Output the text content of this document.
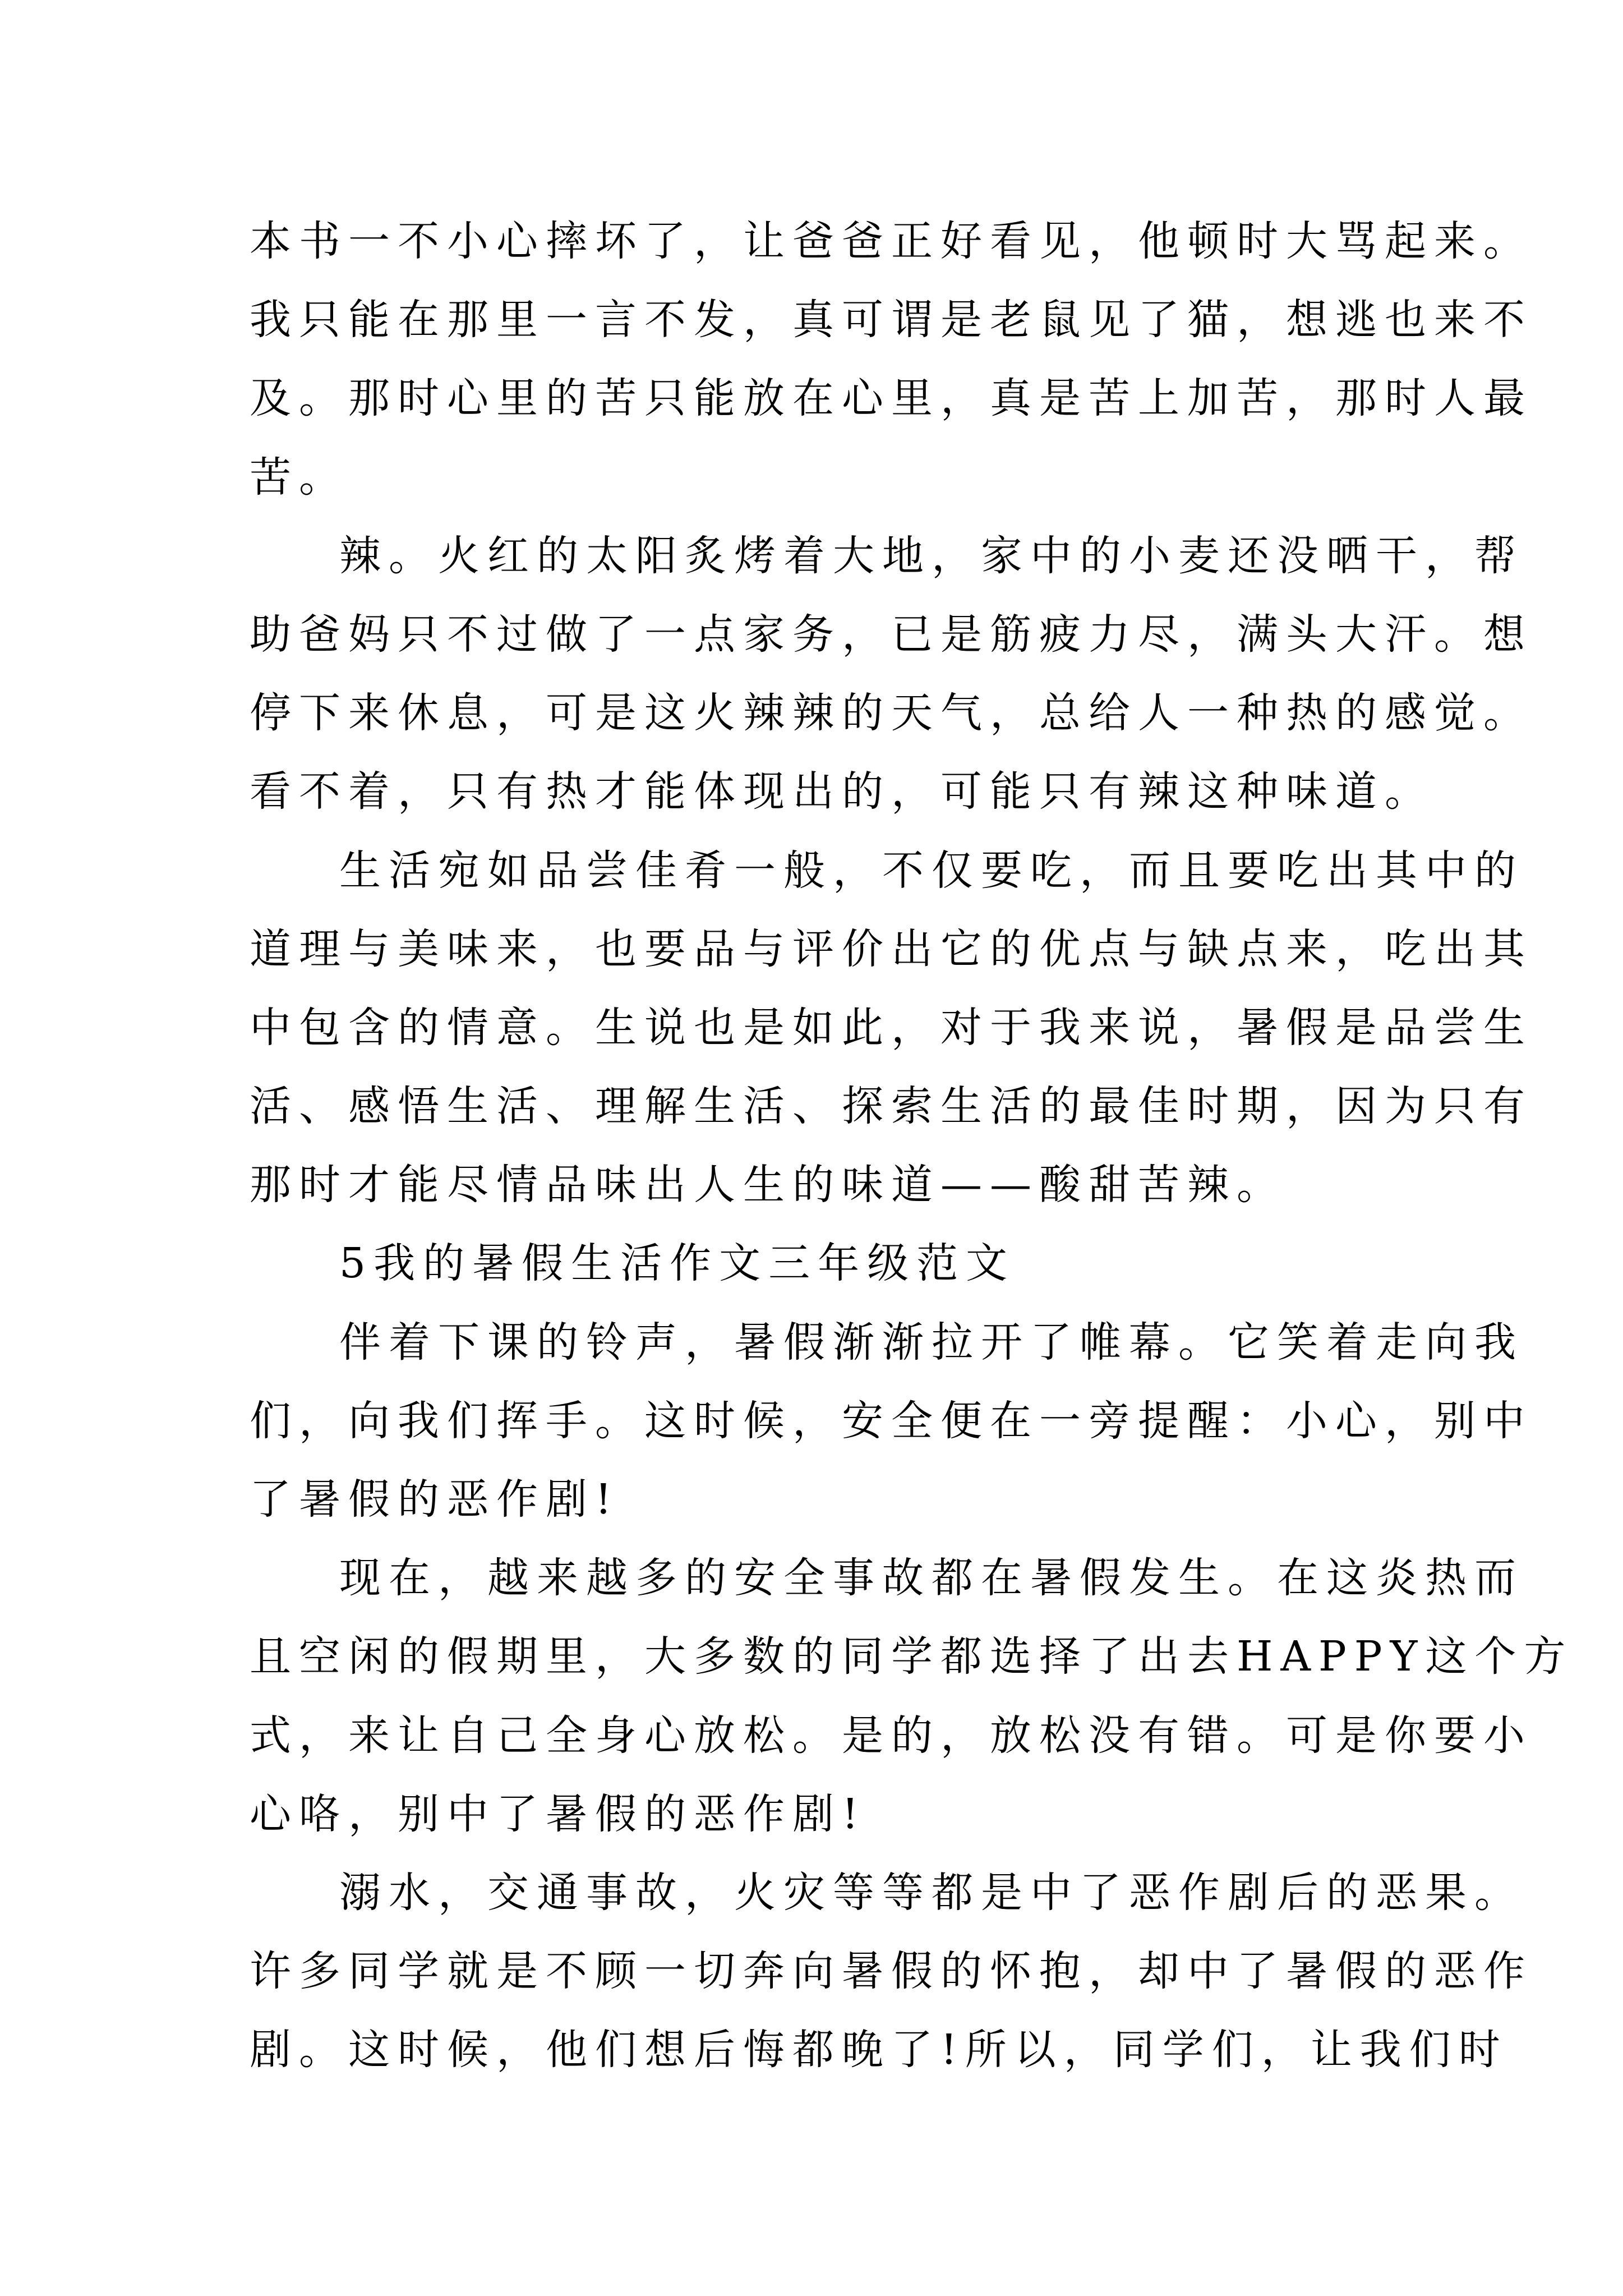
本书一不小心摔坏了，让爸爸正好看见，他顿时大骂起来。
我只能在那里一言不发，真可谓是老鼠见了猫，想逃也来不
及。那时心里的苦只能放在心里，真是苦上加苦，那时人最
苦。
辣。火红的太阳炙烤着大地，家中的小麦还没晒干，帮
助爸妈只不过做了一点家务，已是筋疲力尽，满头大汗。想
停下来休息，可是这火辣辣的天气，总给人一种热的感觉。
看不着，只有热才能体现出的，可能只有辣这种味道。
生活宛如品尝佳肴一般，不仅要吃，而且要吃出其中的
道理与美味来，也要品与评价出它的优点与缺点来，吃出其
中包含的情意。生说也是如此，对于我来说，暑假是品尝生
活、感悟生活、理解生活、探索生活的最佳时期，因为只有
那时才能尽情品味出人生的味道——酸甜苦辣。
5我的暑假生活作文三年级范文
伴着下课的铃声，暑假渐渐拉开了帷幕。它笑着走向我
们，向我们挥手。这时候，安全便在一旁提醒：小心，别中
了暑假的恶作剧!
现在，越来越多的安全事故都在暑假发生。在这炎热而
且空闲的假期里，大多数的同学都选择了出去HAPPY这个方
式，来让自己全身心放松。是的，放松没有错。可是你要小
心咯，别中了暑假的恶作剧!
溺水，交通事故，火灾等等都是中了恶作剧后的恶果。
许多同学就是不顾一切奔向暑假的怀抱，却中了暑假的恶作
剧。这时候，他们想后悔都晚了!所以，同学们，让我们时
